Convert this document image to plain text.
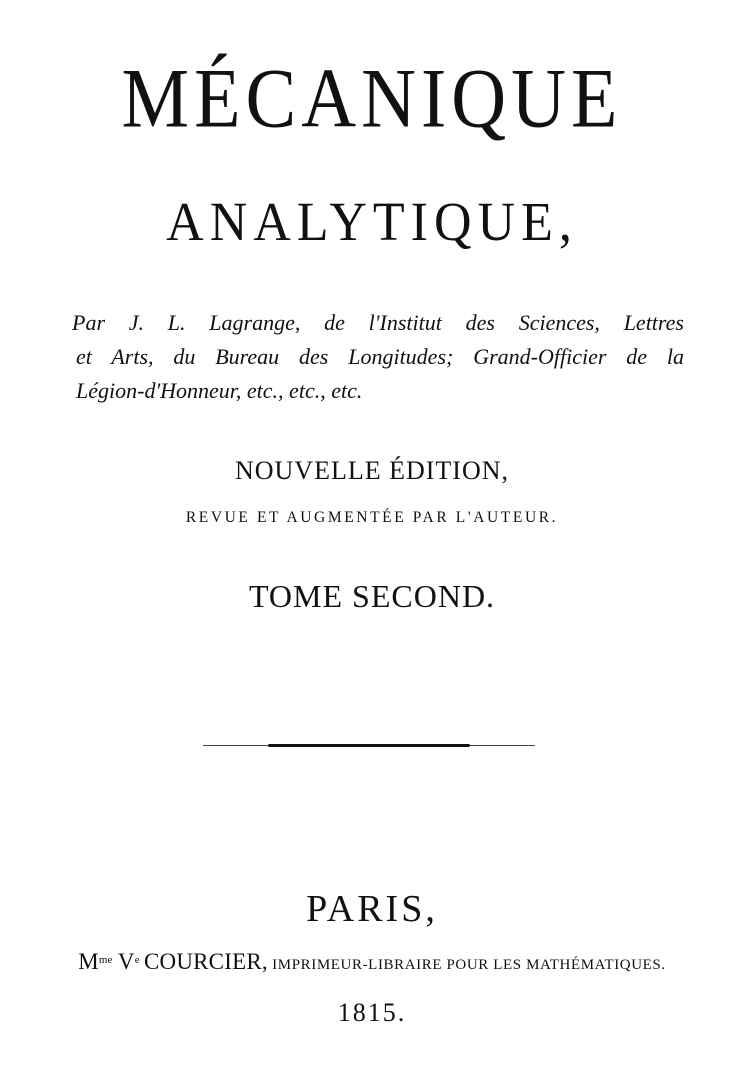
MÉCANIQUE
ANALYTIQUE,
Par J. L. Lagrange, de l'Institut des Sciences, Lettres
et Arts, du Bureau des Longitudes; Grand-Officier de la
Légion-d'Honneur, etc., etc., etc.
NOUVELLE ÉDITION,
REVUE ET AUGMENTÉE PAR L'AUTEUR.
TOME SECOND.
PARIS,
$M^{me}$ Ve COURCIER, IMPRIMEUR-LIBRAIRE POUR LES MATHÉMATIQUES.
1815.
